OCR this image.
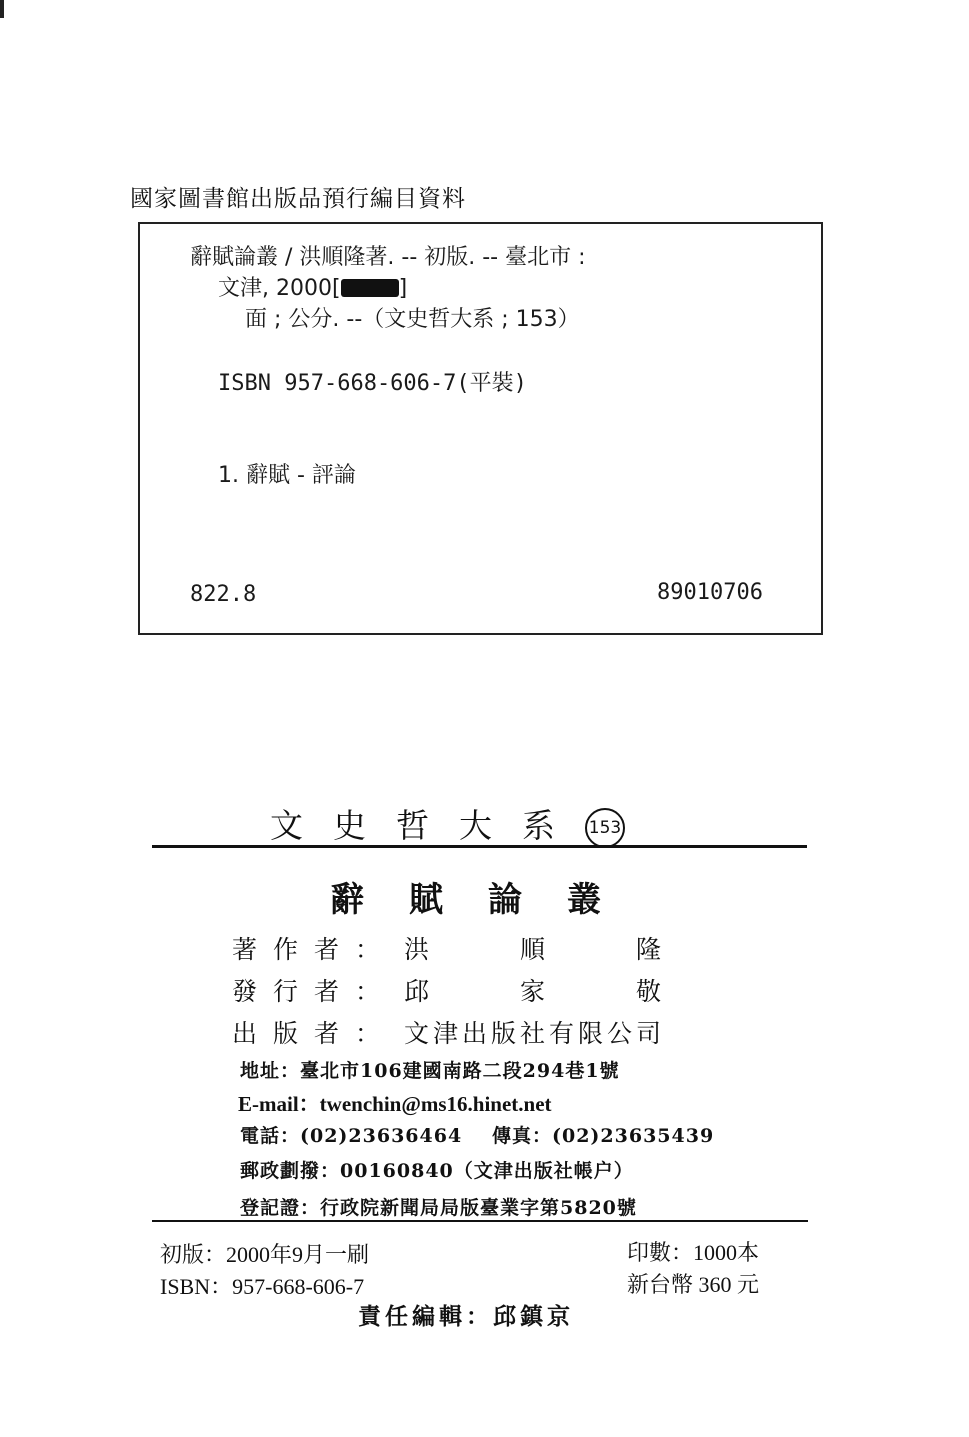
國家圖書館出版品預行編目資料
辭賦論叢 / 洪順隆著. -- 初版. -- 臺北市 :
文津, 2000[	]
面 ; 公分. --（文史哲大系 ; 153）
ISBN 957-668-606-7(平裝)
1. 辭賦 - 評論
822.8	89010706
文史哲大系 153
辭賦論叢
著作者： 洪　　　順　　　隆
發行者： 邱　　　家　　　敬
出版者： 文津出版社有限公司
地址：臺北市106建國南路二段294巷1號
E-mail：twenchin@ms16.hinet.net
電話：(02)23636464 傳真：(02)23635439
郵政劃撥：00160840（文津出版社帳户）
登記證：行政院新聞局局版臺業字第5820號
初版：2000年9月一刷	印數：1000本
ISBN：957-668-606-7	新台幣 360 元
責任編輯：邱鎮京
